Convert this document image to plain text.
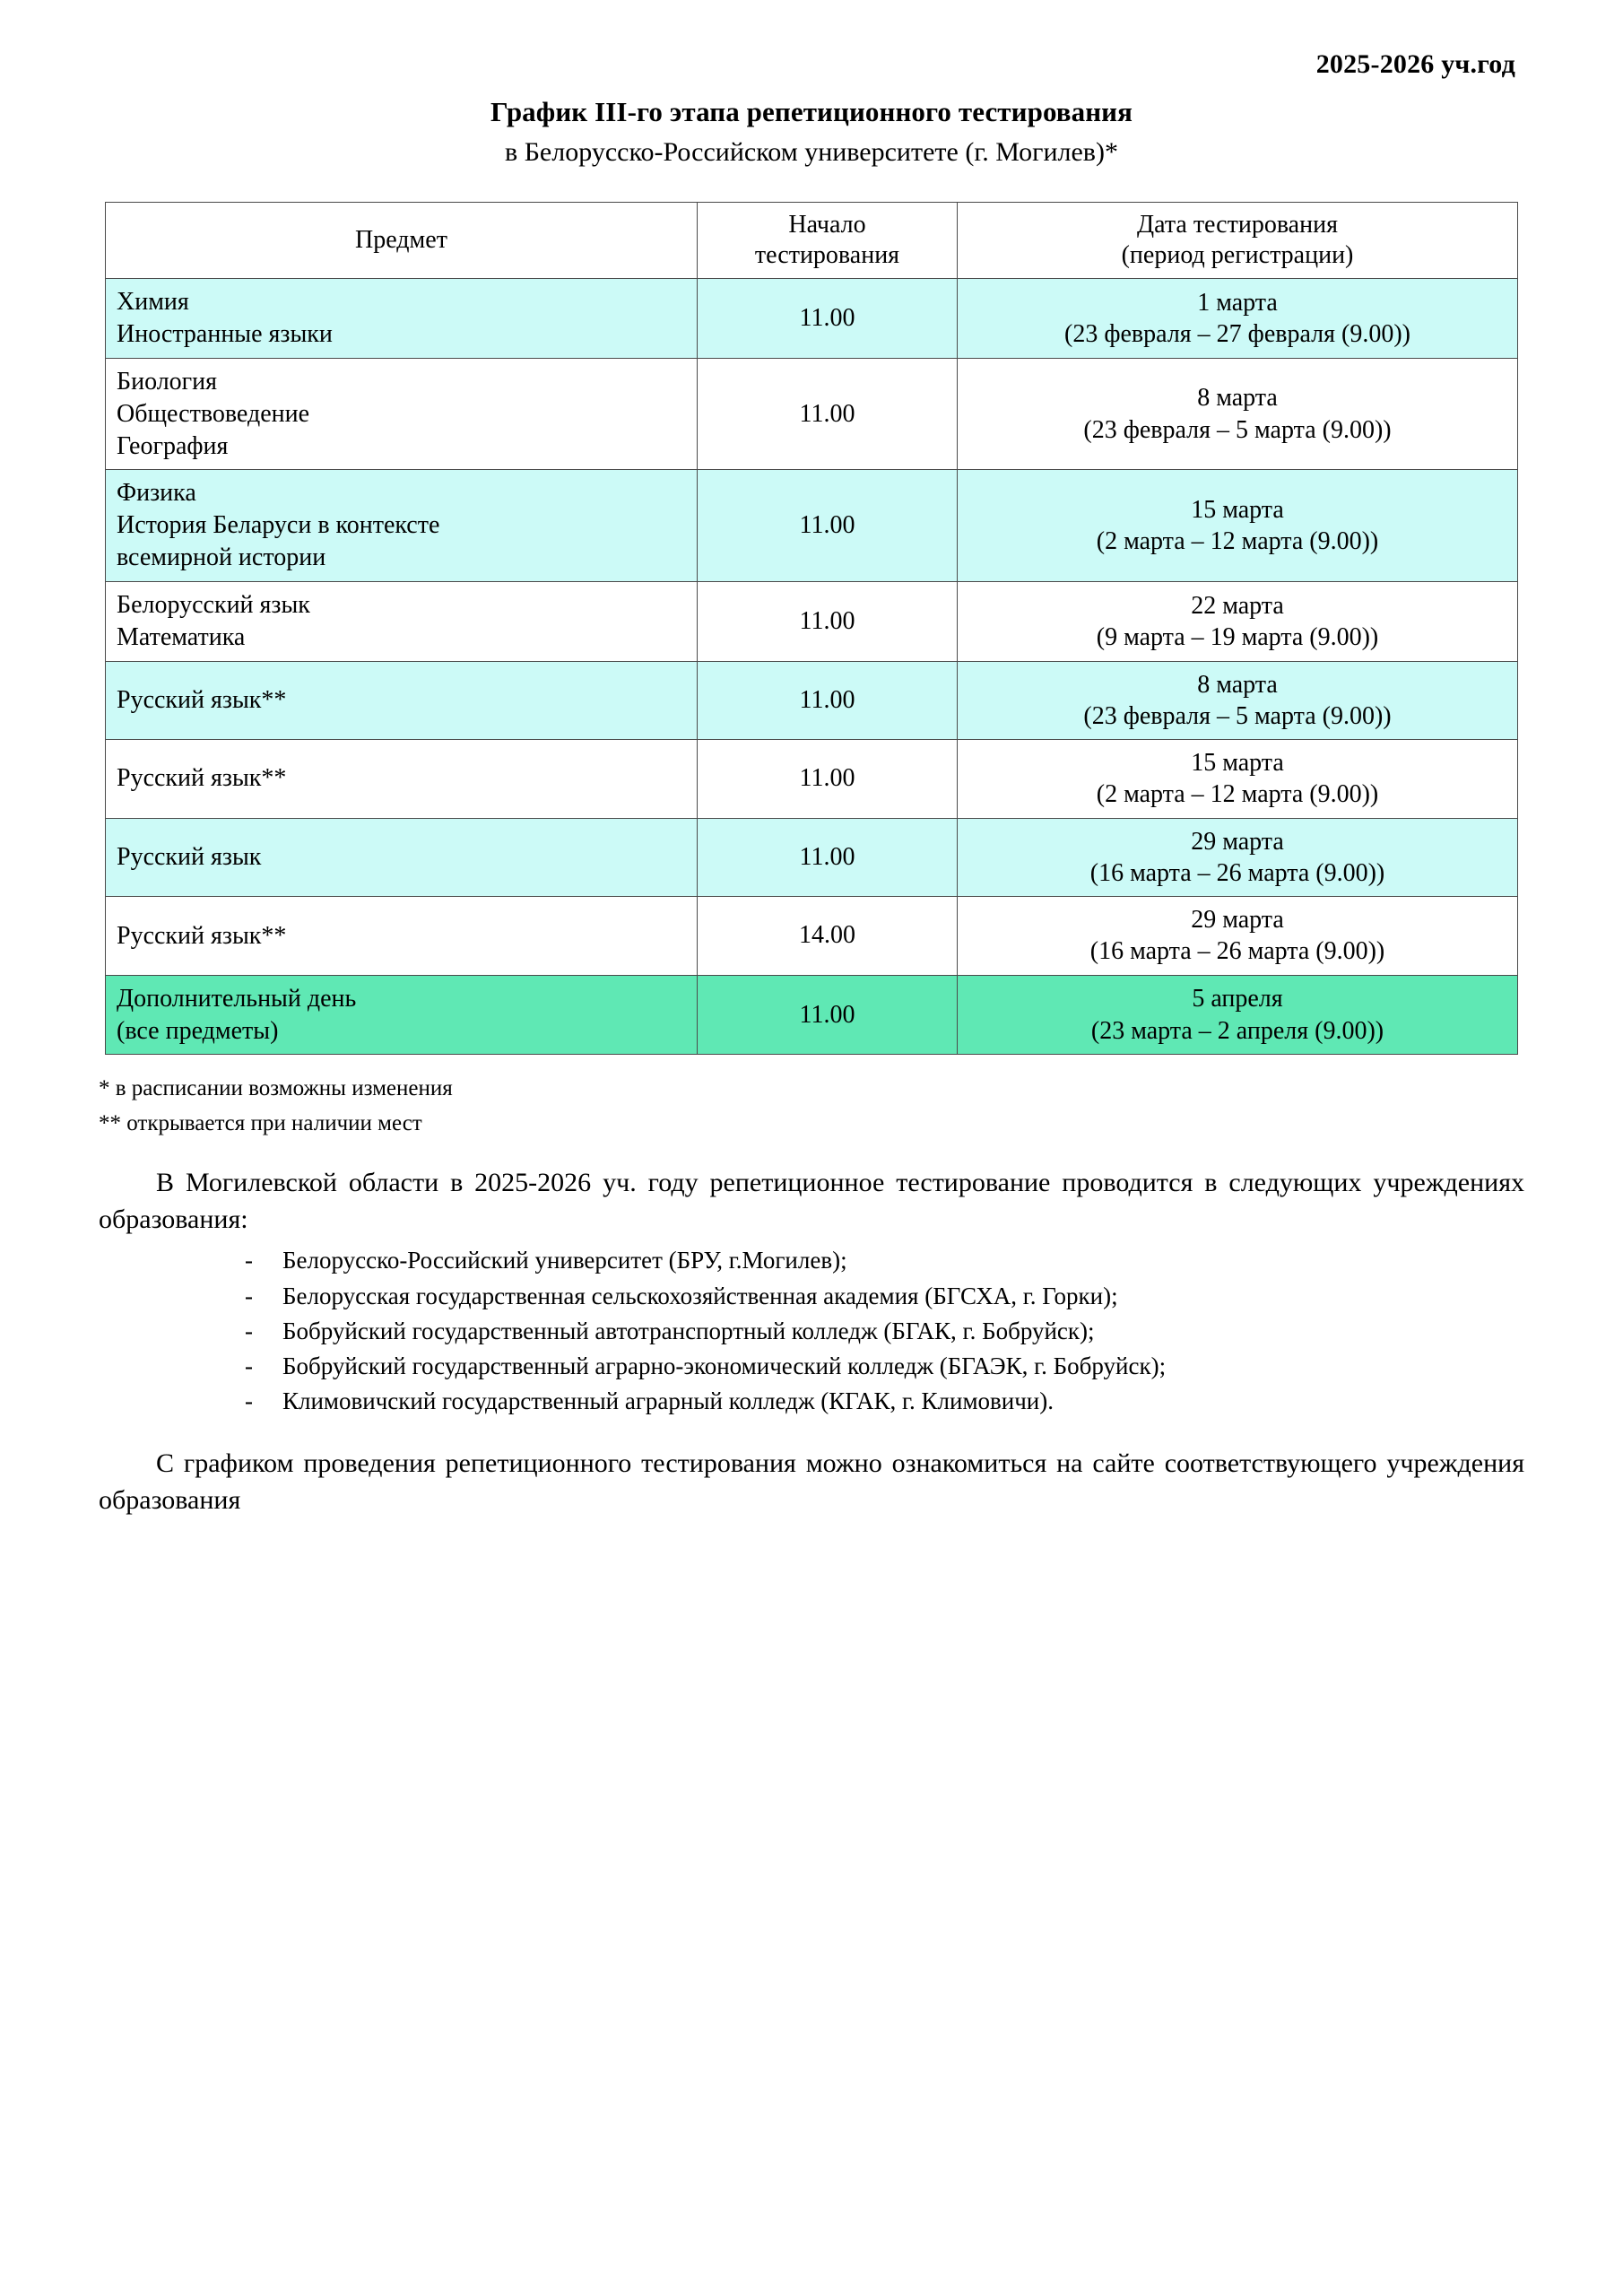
2025-2026 уч.год
График III-го этапа репетиционного тестирования
в Белорусско-Российском университете (г. Могилев)*
Предмет	
Начало
тестирования

Дата тестирования
(период регистрации)

Химия
Иностранные языки
	11.00	
1 марта
(23 февраля – 27 февраля (9.00))

Биология
Обществоведение
География
	11.00	
8 марта
(23 февраля – 5 марта (9.00))

Физика
История Беларуси в контексте
всемирной истории
	11.00	
15 марта
(2 марта – 12 марта (9.00))

Белорусский язык
Математика
	11.00	
22 марта
(9 марта – 19 марта (9.00))

Русский язык**	11.00	8 марта
(23 февраля – 5 марта (9.00))

Русский язык**	11.00	15 марта
(2 марта – 12 марта (9.00))

Русский язык	11.00	29 марта
(16 марта – 26 марта (9.00))

Русский язык**	14.00	29 марта
(16 марта – 26 марта (9.00))

Дополнительный день
(все предметы)
	11.00	
5 апреля
(23 марта – 2 апреля (9.00))
* в расписании возможны изменения
** открывается при наличии мест

В Могилевской области в 2025-2026 уч. году репетиционное тестирование проводится в следующих учреждениях образования:

- Белорусско-Российский университет (БРУ, г.Могилев);
- Белорусская государственная сельскохозяйственная академия (БГСХА, г. Горки);
- Бобруйский государственный автотранспортный колледж (БГАК, г. Бобруйск);
- Бобруйский государственный аграрно-экономический колледж (БГАЭК, г. Бобруйск);
- Климовичский государственный аграрный колледж (КГАК, г. Климовичи).

С графиком проведения репетиционного тестирования можно ознакомиться на сайте соответствующего учреждения образования
